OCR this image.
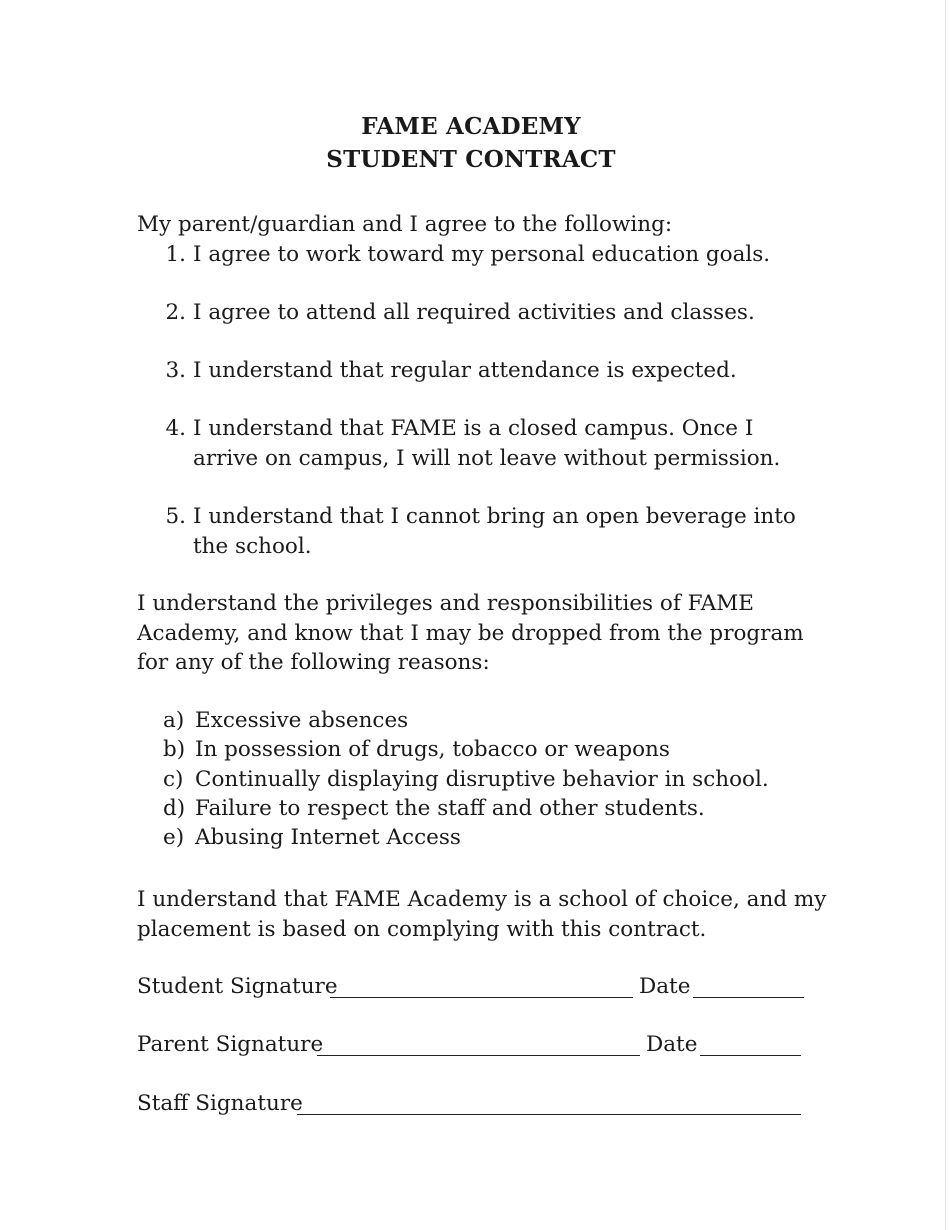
FAME ACADEMY
STUDENT CONTRACT
My parent/guardian and I agree to the following:
1. I agree to work toward my personal education goals.
2. I agree to attend all required activities and classes.
3. I understand that regular attendance is expected.
4. I understand that FAME is a closed campus. Once I arrive on campus, I will not leave without permission.
5. I understand that I cannot bring an open beverage into the school.
I understand the privileges and responsibilities of FAME Academy, and know that I may be dropped from the program for any of the following reasons:
a) Excessive absences
b) In possession of drugs, tobacco or weapons
c) Continually displaying disruptive behavior in school.
d) Failure to respect the staff and other students.
e) Abusing Internet Access
I understand that FAME Academy is a school of choice, and my placement is based on complying with this contract.
Student Signature	Date
Parent Signature	Date
Staff Signature
